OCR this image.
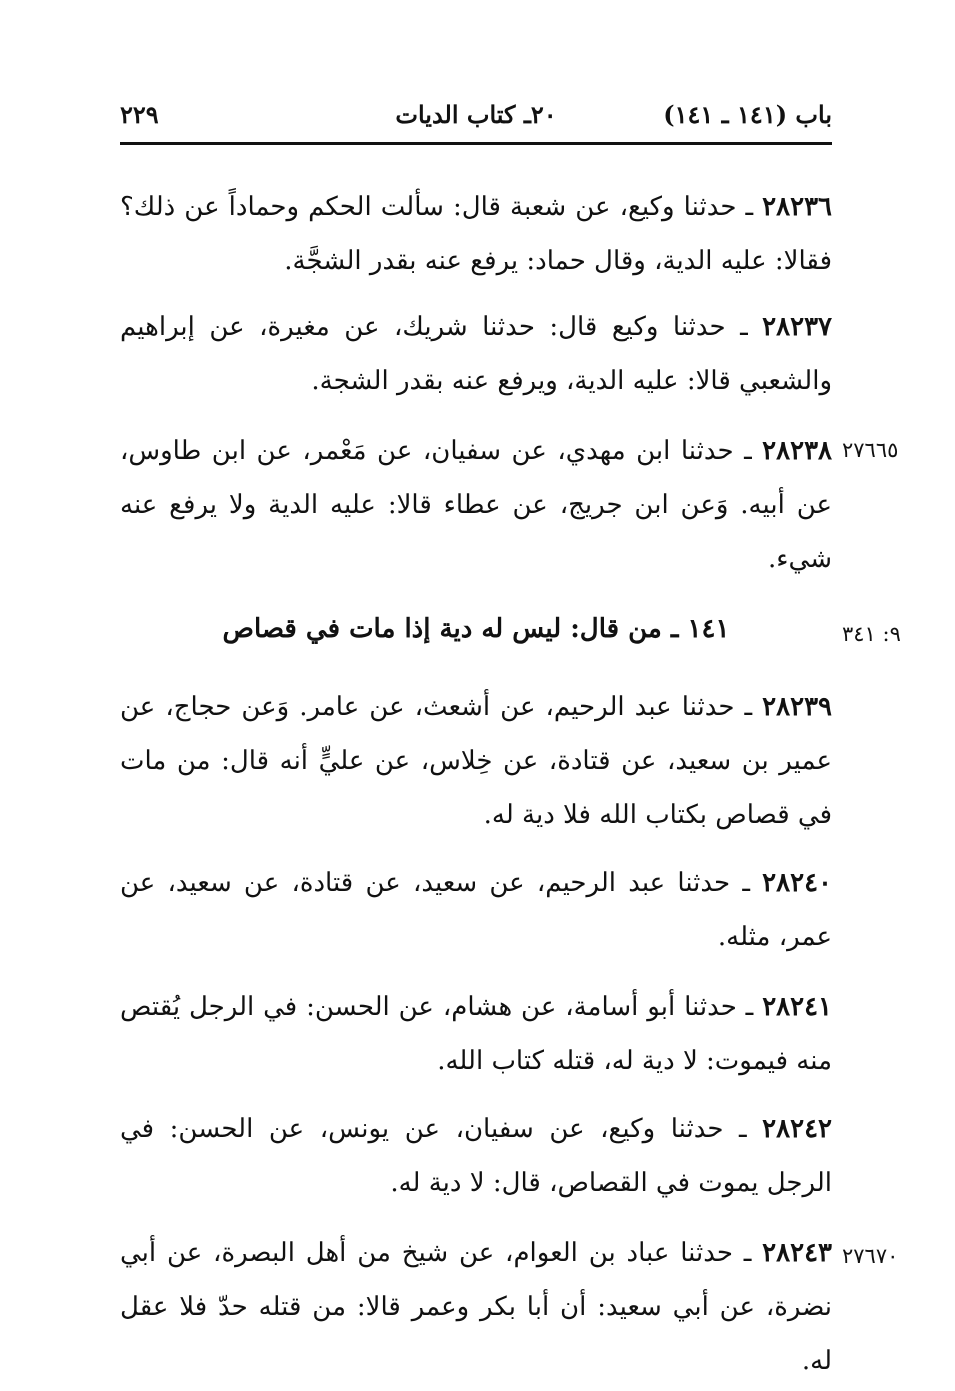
باب (١٤١ ـ ١٤١)
٢٠ـ كتاب الديات
٢٢٩
٢٨٢٣٦ ـ حدثنا وكيع، عن شعبة قال: سألت الحكم وحماداً عن ذلك؟ فقالا: عليه الدية، وقال حماد: يرفع عنه بقدر الشجَّة.
٢٨٢٣٧ ـ حدثنا وكيع قال: حدثنا شريك، عن مغيرة، عن إبراهيم والشعبي قالا: عليه الدية، ويرفع عنه بقدر الشجة.
٢٧٦٦٥
٢٨٢٣٨ ـ حدثنا ابن مهدي، عن سفيان، عن مَعْمر، عن ابن طاوس، عن أبيه. وَعن ابن جريج، عن عطاء قالا: عليه الدية ولا يرفع عنه شيء.
٩: ٣٤١
١٤١ ـ من قال: ليس له دية إذا مات في قصاص
٢٨٢٣٩ ـ حدثنا عبد الرحيم، عن أشعث، عن عامر. وَعن حجاج، عن عمير بن سعيد، عن قتادة، عن خِلاس، عن عليٍّ أنه قال: من مات في قصاص بكتاب الله فلا دية له.
٢٨٢٤٠ ـ حدثنا عبد الرحيم، عن سعيد، عن قتادة، عن سعيد، عن عمر، مثله.
٢٨٢٤١ ـ حدثنا أبو أسامة، عن هشام، عن الحسن: في الرجل يُقتص منه فيموت: لا دية له، قتله كتاب الله.
٢٨٢٤٢ ـ حدثنا وكيع، عن سفيان، عن يونس، عن الحسن: في الرجل يموت في القصاص، قال: لا دية له.
٢٧٦٧٠
٢٨٢٤٣ ـ حدثنا عباد بن العوام، عن شيخ من أهل البصرة، عن أبي نضرة، عن أبي سعيد: أن أبا بكر وعمر قالا: من قتله حدّ فلا عقل له.
